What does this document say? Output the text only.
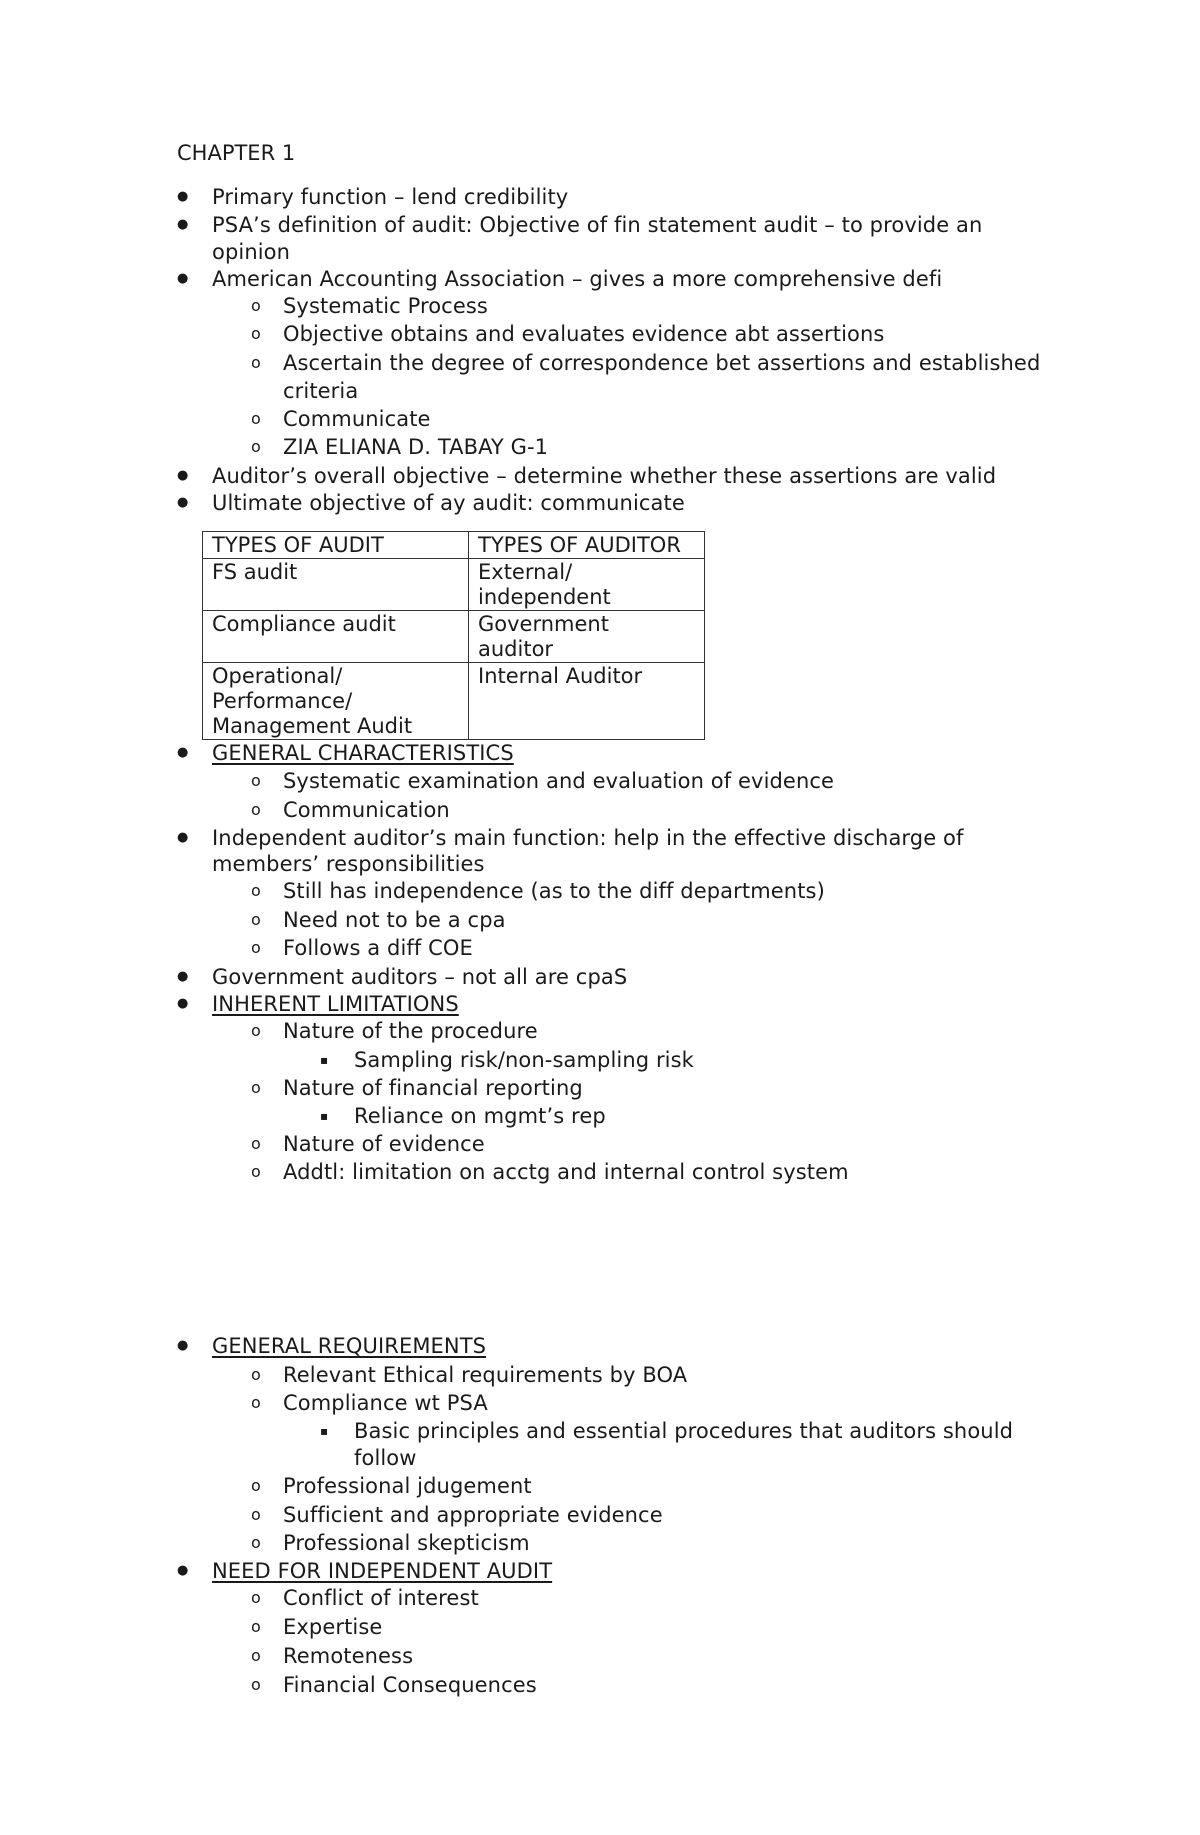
CHAPTER 1
● Primary function – lend credibility
● PSA’s definition of audit: Objective of fin statement audit – to provide an
opinion
● American Accounting Association – gives a more comprehensive defi
o Systematic Process
o Objective obtains and evaluates evidence abt assertions
o Ascertain the degree of correspondence bet assertions and established
criteria
o Communicate
o ZIA ELIANA D. TABAY G-1
● Auditor’s overall objective – determine whether these assertions are valid
● Ultimate objective of ay audit: communicate
TYPES OF AUDIT	TYPES OF AUDITOR
FS audit	External/
independent
Compliance audit	Government
auditor
Operational/
Performance/
Management Audit	Internal Auditor
● GENERAL CHARACTERISTICS
o Systematic examination and evaluation of evidence
o Communication
● Independent auditor’s main function: help in the effective discharge of
members’ responsibilities
o Still has independence (as to the diff departments)
o Need not to be a cpa
o Follows a diff COE
● Government auditors – not all are cpaS
● INHERENT LIMITATIONS
o Nature of the procedure
▪ Sampling risk/non-sampling risk
o Nature of financial reporting
▪ Reliance on mgmt’s rep
o Nature of evidence
o Addtl: limitation on acctg and internal control system
● GENERAL REQUIREMENTS
o Relevant Ethical requirements by BOA
o Compliance wt PSA
▪ Basic principles and essential procedures that auditors should
follow
o Professional jdugement
o Sufficient and appropriate evidence
o Professional skepticism
● NEED FOR INDEPENDENT AUDIT
o Conflict of interest
o Expertise
o Remoteness
o Financial Consequences
